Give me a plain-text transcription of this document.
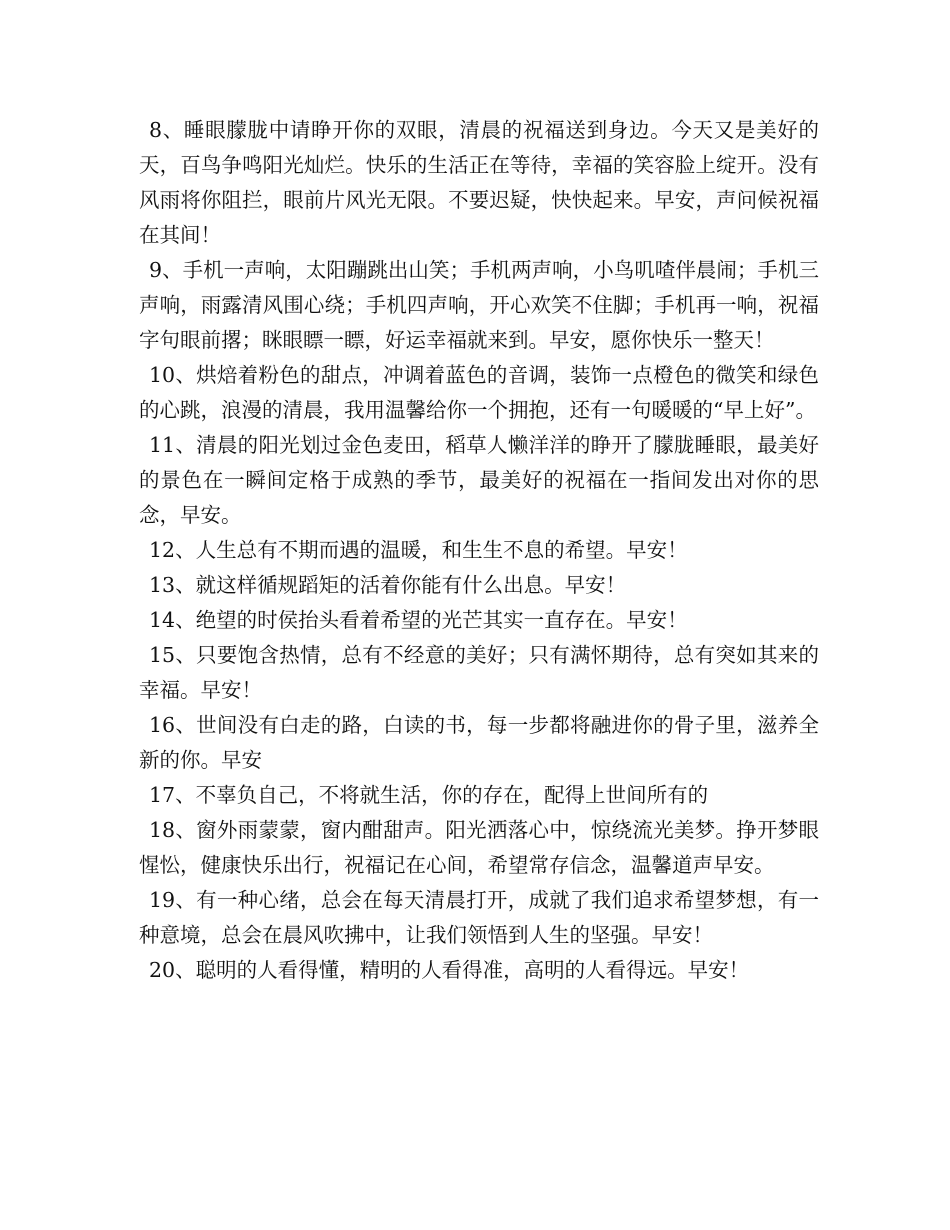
8、睡眼朦胧中请睁开你的双眼，清晨的祝福送到身边。今天又是美好的天，百鸟争鸣阳光灿烂。快乐的生活正在等待，幸福的笑容脸上绽开。没有风雨将你阻拦，眼前片风光无限。不要迟疑，快快起来。早安，声问候祝福在其间！

9、手机一声响，太阳蹦跳出山笑；手机两声响，小鸟叽喳伴晨闹；手机三声响，雨露清风围心绕；手机四声响，开心欢笑不住脚；手机再一响，祝福字句眼前撂；眯眼瞟一瞟，好运幸福就来到。早安，愿你快乐一整天！

10、烘焙着粉色的甜点，冲调着蓝色的音调，装饰一点橙色的微笑和绿色的心跳，浪漫的清晨，我用温馨给你一个拥抱，还有一句暖暖的“早上好”。

11、清晨的阳光划过金色麦田，稻草人懒洋洋的睁开了朦胧睡眼，最美好的景色在一瞬间定格于成熟的季节，最美好的祝福在一指间发出对你的思念，早安。

12、人生总有不期而遇的温暖，和生生不息的希望。早安！

13、就这样循规蹈矩的活着你能有什么出息。早安！

14、绝望的时侯抬头看着希望的光芒其实一直存在。早安！

15、只要饱含热情，总有不经意的美好；只有满怀期待，总有突如其来的幸福。早安！

16、世间没有白走的路，白读的书，每一步都将融进你的骨子里，滋养全新的你。早安

17、不辜负自己，不将就生活，你的存在，配得上世间所有的

18、窗外雨蒙蒙，窗内酣甜声。阳光洒落心中，惊绕流光美梦。挣开梦眼惺忪，健康快乐出行，祝福记在心间，希望常存信念，温馨道声早安。

19、有一种心绪，总会在每天清晨打开，成就了我们追求希望梦想，有一种意境，总会在晨风吹拂中，让我们领悟到人生的坚强。早安！

20、聪明的人看得懂，精明的人看得准，高明的人看得远。早安！
